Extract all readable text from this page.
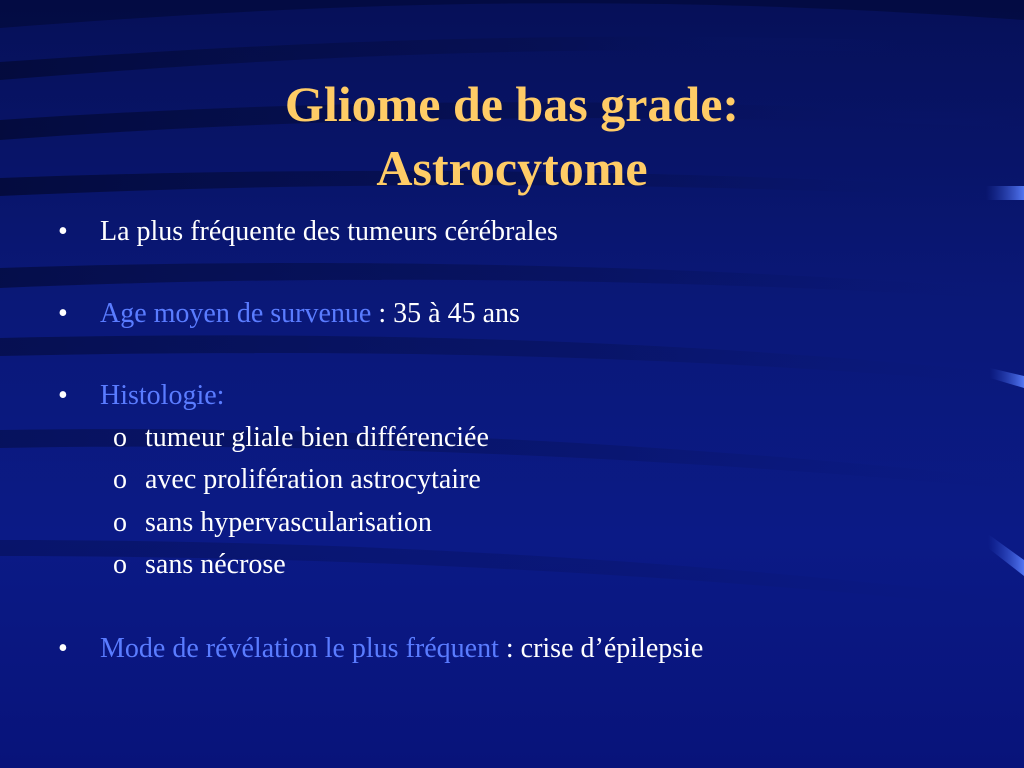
Gliome de bas grade:
Astrocytome
• La plus fréquente des tumeurs cérébrales
• Age moyen de survenue : 35 à 45 ans
• Histologie:
o tumeur gliale bien différenciée
o avec prolifération astrocytaire
o sans hypervascularisation
o sans nécrose
• Mode de révélation le plus fréquent : crise d’épilepsie
